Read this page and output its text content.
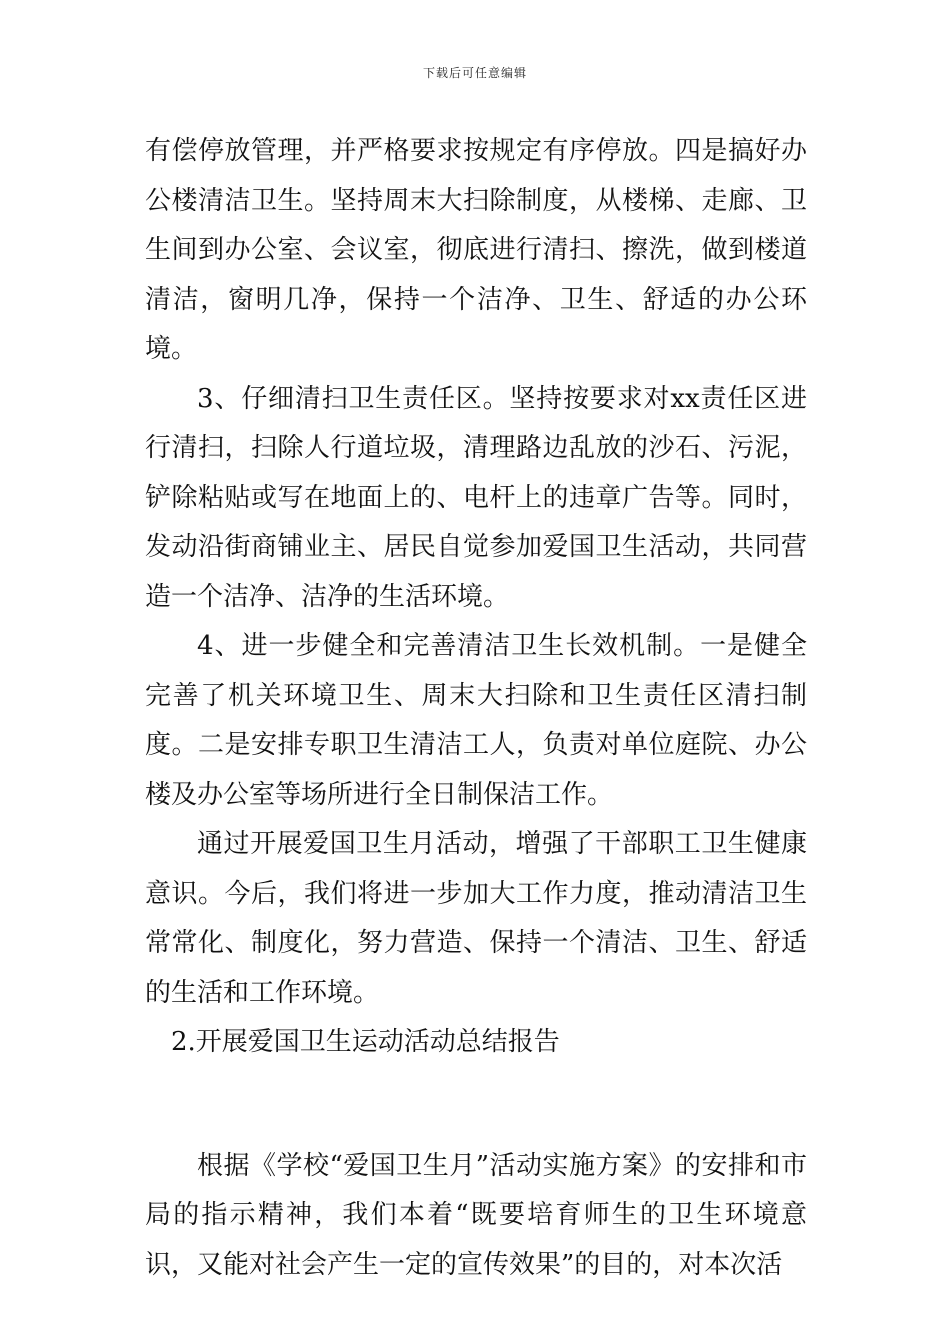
下载后可任意编辑

有偿停放管理，并严格要求按规定有序停放。四是搞好办公楼清洁卫生。坚持周末大扫除制度，从楼梯、走廊、卫生间到办公室、会议室，彻底进行清扫、擦洗，做到楼道清洁，窗明几净，保持一个洁净、卫生、舒适的办公环境。

3、仔细清扫卫生责任区。坚持按要求对xx责任区进行清扫，扫除人行道垃圾，清理路边乱放的沙石、污泥，铲除粘贴或写在地面上的、电杆上的违章广告等。同时，发动沿街商铺业主、居民自觉参加爱国卫生活动，共同营造一个洁净、洁净的生活环境。

4、进一步健全和完善清洁卫生长效机制。一是健全完善了机关环境卫生、周末大扫除和卫生责任区清扫制度。二是安排专职卫生清洁工人，负责对单位庭院、办公楼及办公室等场所进行全日制保洁工作。

通过开展爱国卫生月活动，增强了干部职工卫生健康意识。今后，我们将进一步加大工作力度，推动清洁卫生常常化、制度化，努力营造、保持一个清洁、卫生、舒适的生活和工作环境。

2.开展爱国卫生运动活动总结报告

根据《学校“爱国卫生月”活动实施方案》的安排和市局的指示精神，我们本着“既要培育师生的卫生环境意识，又能对社会产生一定的宣传效果”的目的，对本次活
